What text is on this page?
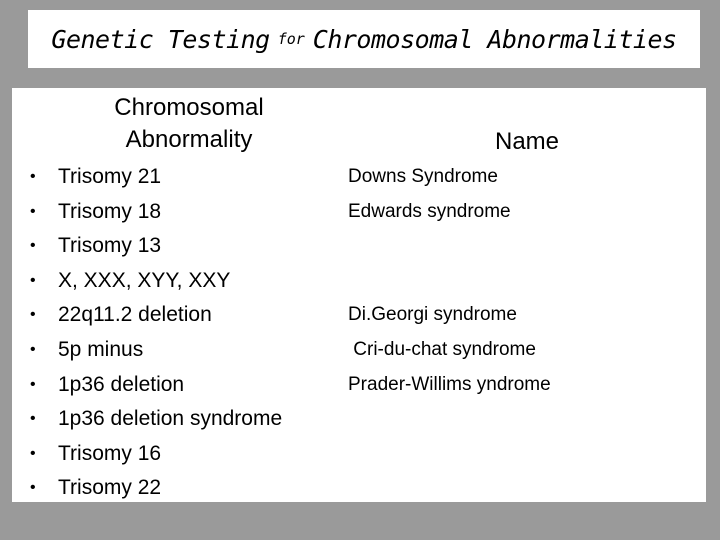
Genetic Testing for Chromosomal Abnormalities
Chromosomal
Abnormality	Name
• Trisomy 21
• Trisomy 18
• Trisomy 13
• X, XXX, XYY, XXY
• 22q11.2 deletion
• 5p minus
• 1p36 deletion
• 1p36 deletion syndrome
• Trisomy 16
• Trisomy 22
Downs Syndrome
Edwards syndrome
Di.Georgi syndrome
Cri-du-chat syndrome
Prader-Willims yndrome
